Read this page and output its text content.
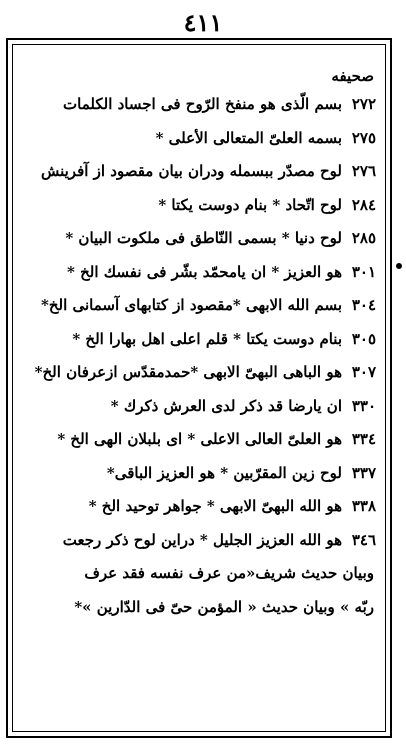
٤١١
صحيفه
٢٧٢
بسم الّذى هو منفخ الرّوح فى اجساد الكلمات
٢٧٥
بسمه العلىّ المتعالى الأعلى *
٢٧٦
لوح مصدّر ببسمله ودران بيان مقصود از آفرينش
٢٨٤
لوح اتّحاد * بنام دوست يكتا *
٢٨٥
لوح دنيا * بسمى النّاطق فى ملكوت البيان *
٣٠١
هو العزيز * ان يامحمّد بشّر فى نفسك الخ *
٣٠٤
بسم الله الابهى *مقصود از كتابهاى آسمانى الخ*
٣٠٥
بنام دوست يكتا * قلم اعلى اهل بهارا الخ *
٣٠٧
هو الباهى البهىّ الابهى *حمدمقدّس ازعرفان الخ*
٣٣٠
ان يارضا قد ذكر لدى العرش ذكرك *
٣٣٤
هو العلىّ العالى الاعلى * اى بلبلان الهى الخ *
٣٣٧
لوح زين المقرّبين * هو العزيز الباقى*
٣٣٨
هو الله البهىّ الابهى * جواهر توحيد الخ *
٣٤٦
هو الله العزيز الجليل * دراين لوح ذكر رجعت
وبيان حديث شريف«من عرف نفسه فقد عرف
ربّه » وبيان حديث « المؤمن حىّ فى الدّارين »*
